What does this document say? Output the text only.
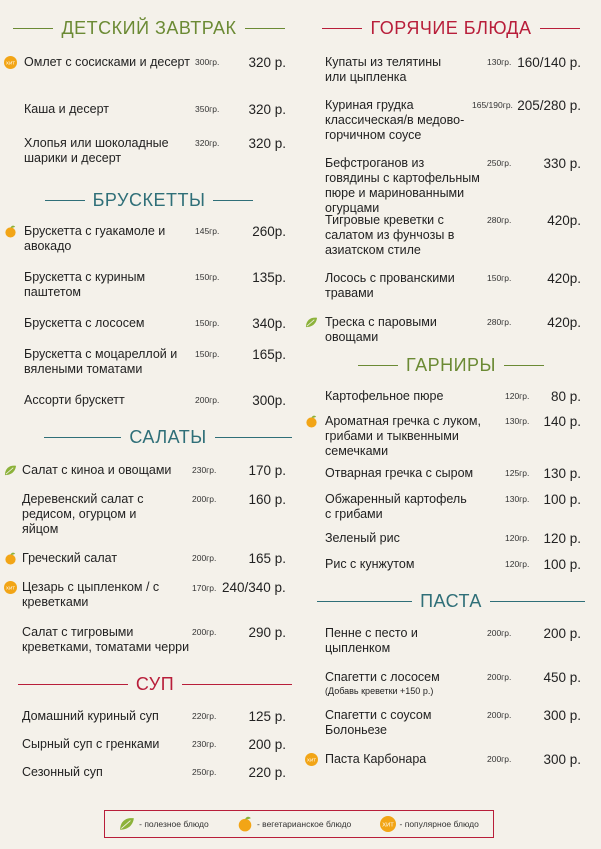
ДЕТСКИЙ ЗАВТРАК
ХИТ Омлет с сосисками и десерт 300гр. 320 р.
Каша и десерт	350гр. 320 р.
Хлопья или шоколадные шарики и десерт
320гр. 320 р.
БРУСКЕТТЫ
Брускетта с гуакамоле и авокадо
145гр. 260р.
Брускетта с куриным паштетом
150гр. 135р.
Брускетта с лососем	150гр. 340р.
Брускетта с моцареллой и вялеными томатами
150гр. 165р.
Ассорти брускетт	200гр. 300р.
САЛАТЫ
Салат с киноа и овощами	230гр. 170 р.
Деревенский салат с редисом, огурцом и яйцом
200гр. 160 р.
Греческий салат	200гр. 165 р.
ХИТ Цезарь с цыпленком / с креветками
170гр. 240/340 р.
Салат с тигровыми креветками, томатами черри
200гр. 290 р.
СУП
Домашний куриный суп	220гр. 125 р.
Сырный суп с гренками	230гр. 200 р.
Сезонный суп	250гр. 220 р.
ГОРЯЧИЕ БЛЮДА
Купаты из телятины или цыпленка
130гр. 160/140 р.
Куриная грудка классическая/в медово-горчичном соусе
165/190гр. 205/280 р.
Бефстроганов из говядины с картофельным пюре и маринованными огурцами
250гр. 330 р.
Тигровые креветки с салатом из фунчозы в азиатском стиле
280гр.	420р.
Лосось с прованскими травами
150гр.	420р.
Треска с паровыми овощами
280гр.	420р.
ГАРНИРЫ
Картофельное пюре	120гр. 80 р.
Ароматная гречка с луком, грибами и тыквенными семечками
130гр. 140 р.
Отварная гречка с сыром	125гр. 130 р.
Обжаренный картофель с грибами
130гр. 100 р.
Зеленый рис	120гр. 120 р.
Рис с кунжутом	120гр. 100 р.
ПАСТА
Пенне с песто и цыпленком
200гр. 200 р.
Спагетти с лососем
(Добавь креветки +150 р.)
200гр. 450 р.
Спагетти с соусом Болоньезе
200гр. 300 р.
ХИТ Паста Карбонара	200гр. 300 р.
- полезное блюдо	- вегетарианское блюдо	ХИТ - популярное блюдо
